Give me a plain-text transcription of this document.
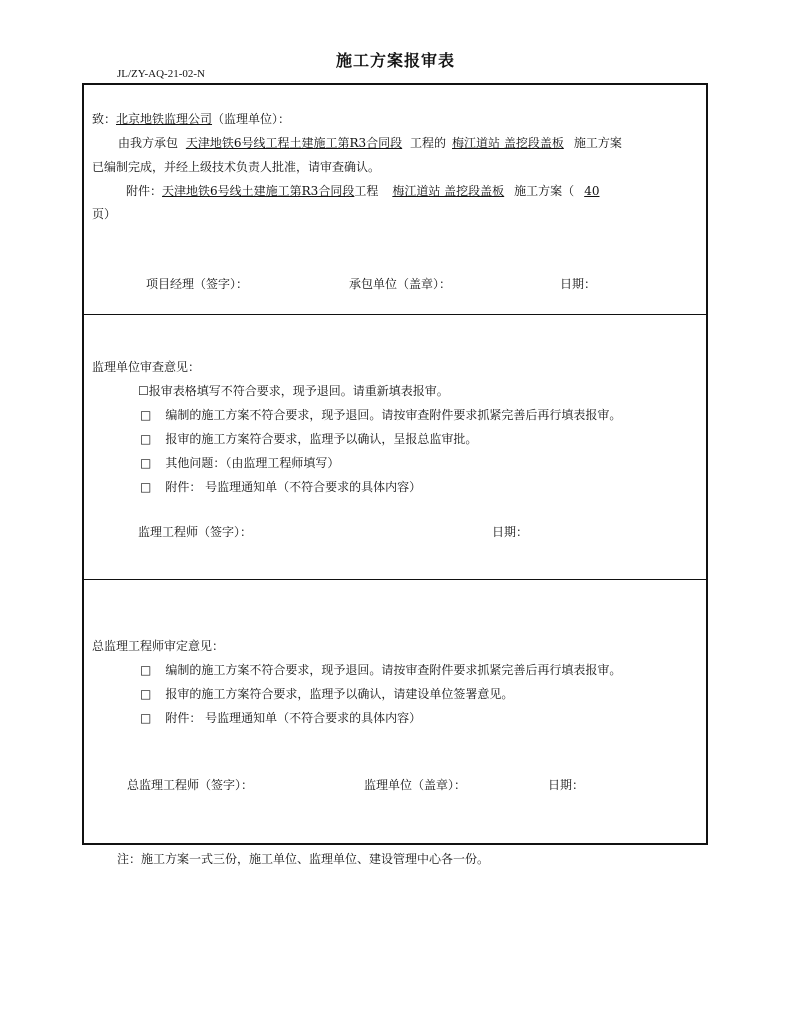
施工方案报审表
JL/ZY-AQ-21-02-N
致：北京地铁监理公司（监理单位）：
由我方承包 天津地铁6号线工程土建施工第R3合同段 工程的 梅江道站 盖挖段盖板 施工方案
已编制完成，并经上级技术负责人批准，请审查确认。
附件：天津地铁6号线土建施工第R3合同段工程 梅江道站 盖挖段盖板 施工方案（ 40
页）
项目经理（签字）：	承包单位（盖章）：	日期：
监理单位审查意见：
☐报审表格填写不符合要求，现予退回。请重新填表报审。
□ 编制的施工方案不符合要求，现予退回。请按审查附件要求抓紧完善后再行填表报审。
□ 报审的施工方案符合要求，监理予以确认，呈报总监审批。
□ 其他问题：（由监理工程师填写）
□ 附件： 号监理通知单（不符合要求的具体内容）
监理工程师（签字）：	日期：
总监理工程师审定意见：
□ 编制的施工方案不符合要求，现予退回。请按审查附件要求抓紧完善后再行填表报审。
□ 报审的施工方案符合要求，监理予以确认，请建设单位签署意见。
□ 附件： 号监理通知单（不符合要求的具体内容）
总监理工程师（签字）：	监理单位（盖章）：	日期：
注：施工方案一式三份，施工单位、监理单位、建设管理中心各一份。
